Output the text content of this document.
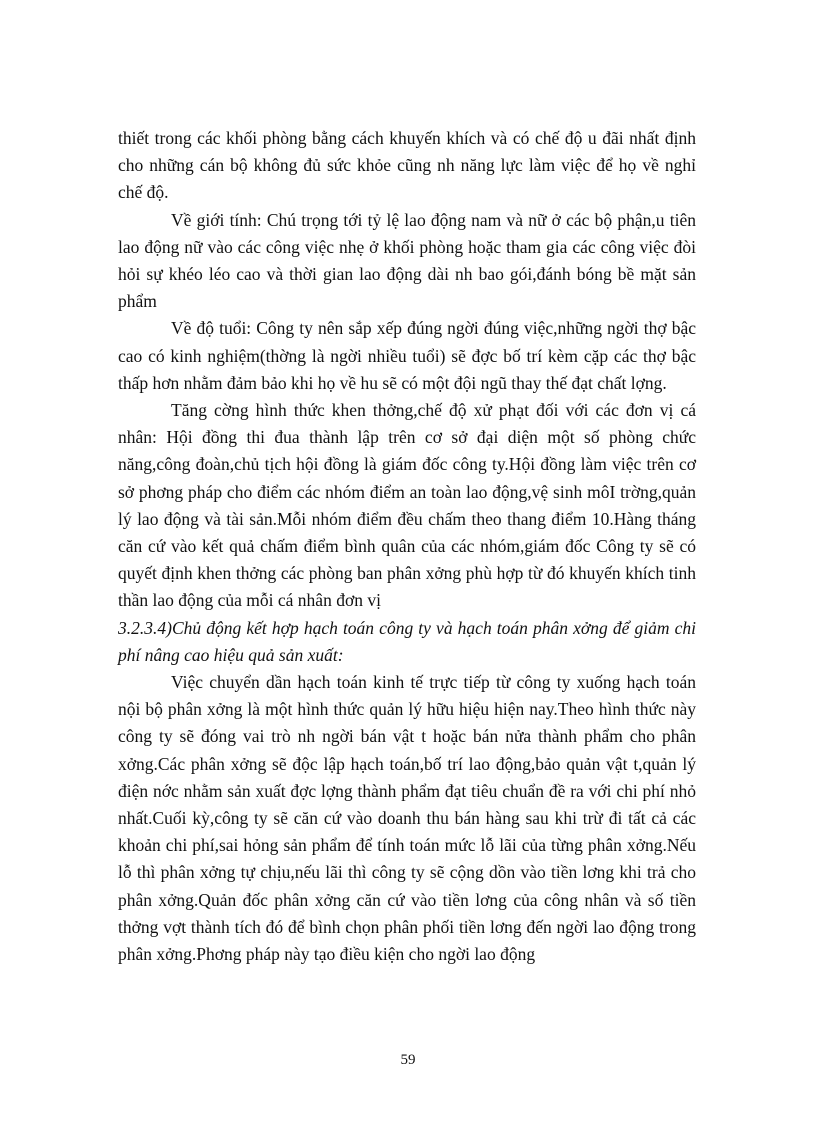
thiết trong các khối phòng bằng cách khuyến khích và có chế độ u đãi nhất định cho những cán bộ không đủ sức khỏe cũng nh năng lực làm việc để họ về nghỉ chế độ.

Về giới tính: Chú trọng tới tỷ lệ lao động nam và nữ ở các bộ phận,u tiên lao động nữ vào các công việc nhẹ ở khối phòng hoặc tham gia các công việc đòi hỏi sự khéo léo cao và thời gian lao động dài nh bao gói,đánh bóng bề mặt sản phẩm

Về độ tuổi: Công ty nên sắp xếp đúng ngời đúng việc,những ngời thợ bậc cao có kinh nghiệm(thờng là ngời nhiều tuổi) sẽ đợc bố trí kèm cặp các thợ bậc thấp hơn nhằm đảm bảo khi họ về hu sẽ có một đội ngũ thay thế đạt chất lợng.

Tăng cờng hình thức khen thởng,chế độ xử phạt đối với các đơn vị cá nhân: Hội đồng thi đua thành lập trên cơ sở đại diện một số phòng chức năng,công đoàn,chủ tịch hội đồng là giám đốc công ty.Hội đồng làm việc trên cơ sở phơng pháp cho điểm các nhóm điểm an toàn lao động,vệ sinh môI trờng,quản lý lao động và tài sản.Mỗi nhóm điểm đều chấm theo thang điểm 10.Hàng tháng căn cứ vào kết quả chấm điểm bình quân của các nhóm,giám đốc Công ty sẽ có quyết định khen thởng các phòng ban phân xởng phù hợp từ đó khuyến khích tinh thần lao động của mỗi cá nhân đơn vị

3.2.3.4)Chủ động kết hợp hạch toán công ty và hạch toán phân xởng để giảm chi phí nâng cao hiệu quả sản xuất:

Việc chuyển dần hạch toán kinh tế trực tiếp từ công ty xuống hạch toán nội bộ phân xởng là một hình thức quản lý hữu hiệu hiện nay.Theo hình thức này công ty sẽ đóng vai trò nh ngời bán vật t hoặc bán nửa thành phẩm cho phân xởng.Các phân xởng sẽ độc lập hạch toán,bố trí lao động,bảo quản vật t,quản lý điện nớc nhằm sản xuất đợc lợng thành phẩm đạt tiêu chuẩn đề ra với chi phí nhỏ nhất.Cuối kỳ,công ty sẽ căn cứ vào doanh thu bán hàng sau khi trừ đi tất cả các khoản chi phí,sai hỏng sản phẩm để tính toán mức lỗ lãi của từng phân xởng.Nếu lỗ thì phân xởng tự chịu,nếu lãi thì công ty sẽ cộng dồn vào tiền lơng khi trả cho phân xởng.Quản đốc phân xởng căn cứ vào tiền lơng của công nhân và số tiền thởng vợt thành tích đó để bình chọn phân phối tiền lơng đến ngời lao động trong phân xởng.Phơng pháp này tạo điều kiện cho ngời lao động

59
